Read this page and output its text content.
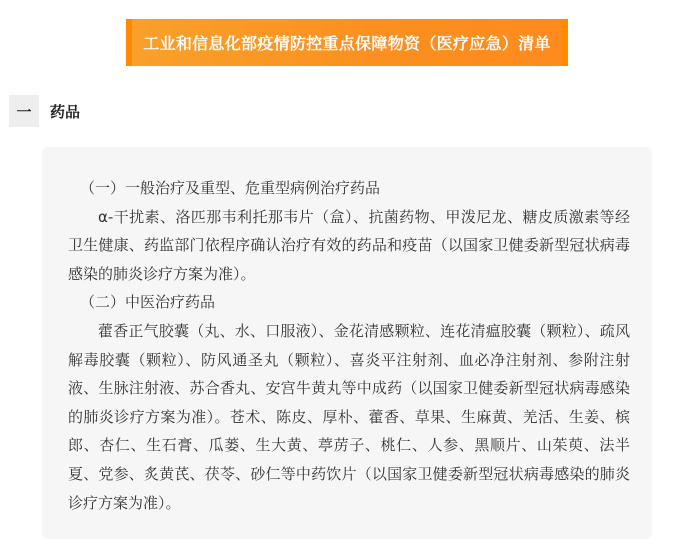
工业和信息化部疫情防控重点保障物资（医疗应急）清单
一	药品

（一）一般治疗及重型、危重型病例治疗药品

α-干扰素、洛匹那韦利托那韦片（盒）、抗菌药物、甲泼尼龙、糖皮质激素等经卫生健康、药监部门依程序确认治疗有效的药品和疫苗（以国家卫健委新型冠状病毒感染的肺炎诊疗方案为准）。

（二）中医治疗药品

藿香正气胶囊（丸、水、口服液）、金花清感颗粒、连花清瘟胶囊（颗粒）、疏风解毒胶囊（颗粒）、防风通圣丸（颗粒）、喜炎平注射剂、血必净注射剂、参附注射液、生脉注射液、苏合香丸、安宫牛黄丸等中成药（以国家卫健委新型冠状病毒感染的肺炎诊疗方案为准）。苍术、陈皮、厚朴、藿香、草果、生麻黄、羌活、生姜、槟郎、杏仁、生石膏、瓜蒌、生大黄、葶苈子、桃仁、人参、黑顺片、山茱萸、法半夏、党参、炙黄芪、茯苓、砂仁等中药饮片（以国家卫健委新型冠状病毒感染的肺炎诊疗方案为准）。
